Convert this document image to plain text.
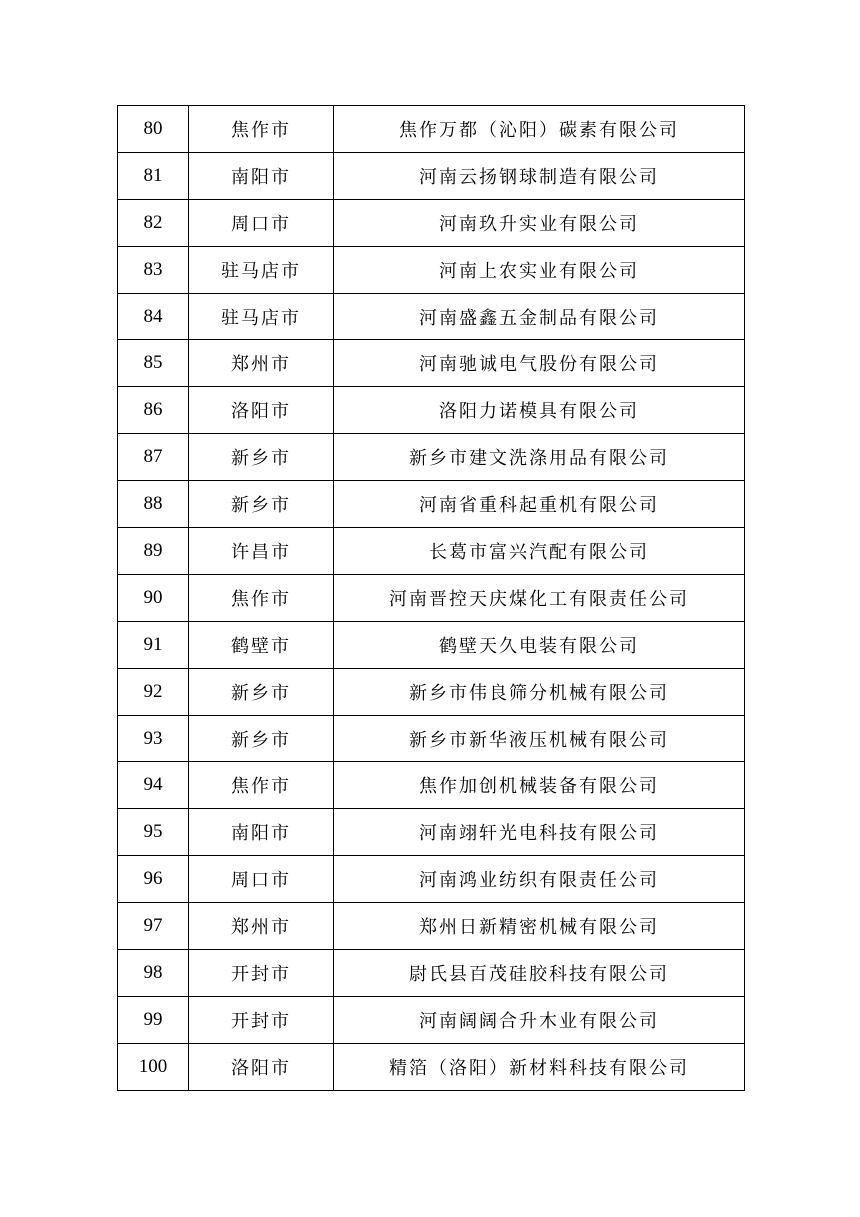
80	焦作市	焦作万都（沁阳）碳素有限公司
81	南阳市	河南云扬钢球制造有限公司
82	周口市	河南玖升实业有限公司
83	驻马店市	河南上农实业有限公司
84	驻马店市	河南盛鑫五金制品有限公司
85	郑州市	河南驰诚电气股份有限公司
86	洛阳市	洛阳力诺模具有限公司
87	新乡市	新乡市建文洗涤用品有限公司
88	新乡市	河南省重科起重机有限公司
89	许昌市	长葛市富兴汽配有限公司
90	焦作市	河南晋控天庆煤化工有限责任公司
91	鹤壁市	鹤壁天久电装有限公司
92	新乡市	新乡市伟良筛分机械有限公司
93	新乡市	新乡市新华液压机械有限公司
94	焦作市	焦作加创机械装备有限公司
95	南阳市	河南翊轩光电科技有限公司
96	周口市	河南鸿业纺织有限责任公司
97	郑州市	郑州日新精密机械有限公司
98	开封市	尉氏县百茂硅胶科技有限公司
99	开封市	河南阔阔合升木业有限公司
100	洛阳市	精箔（洛阳）新材料科技有限公司
